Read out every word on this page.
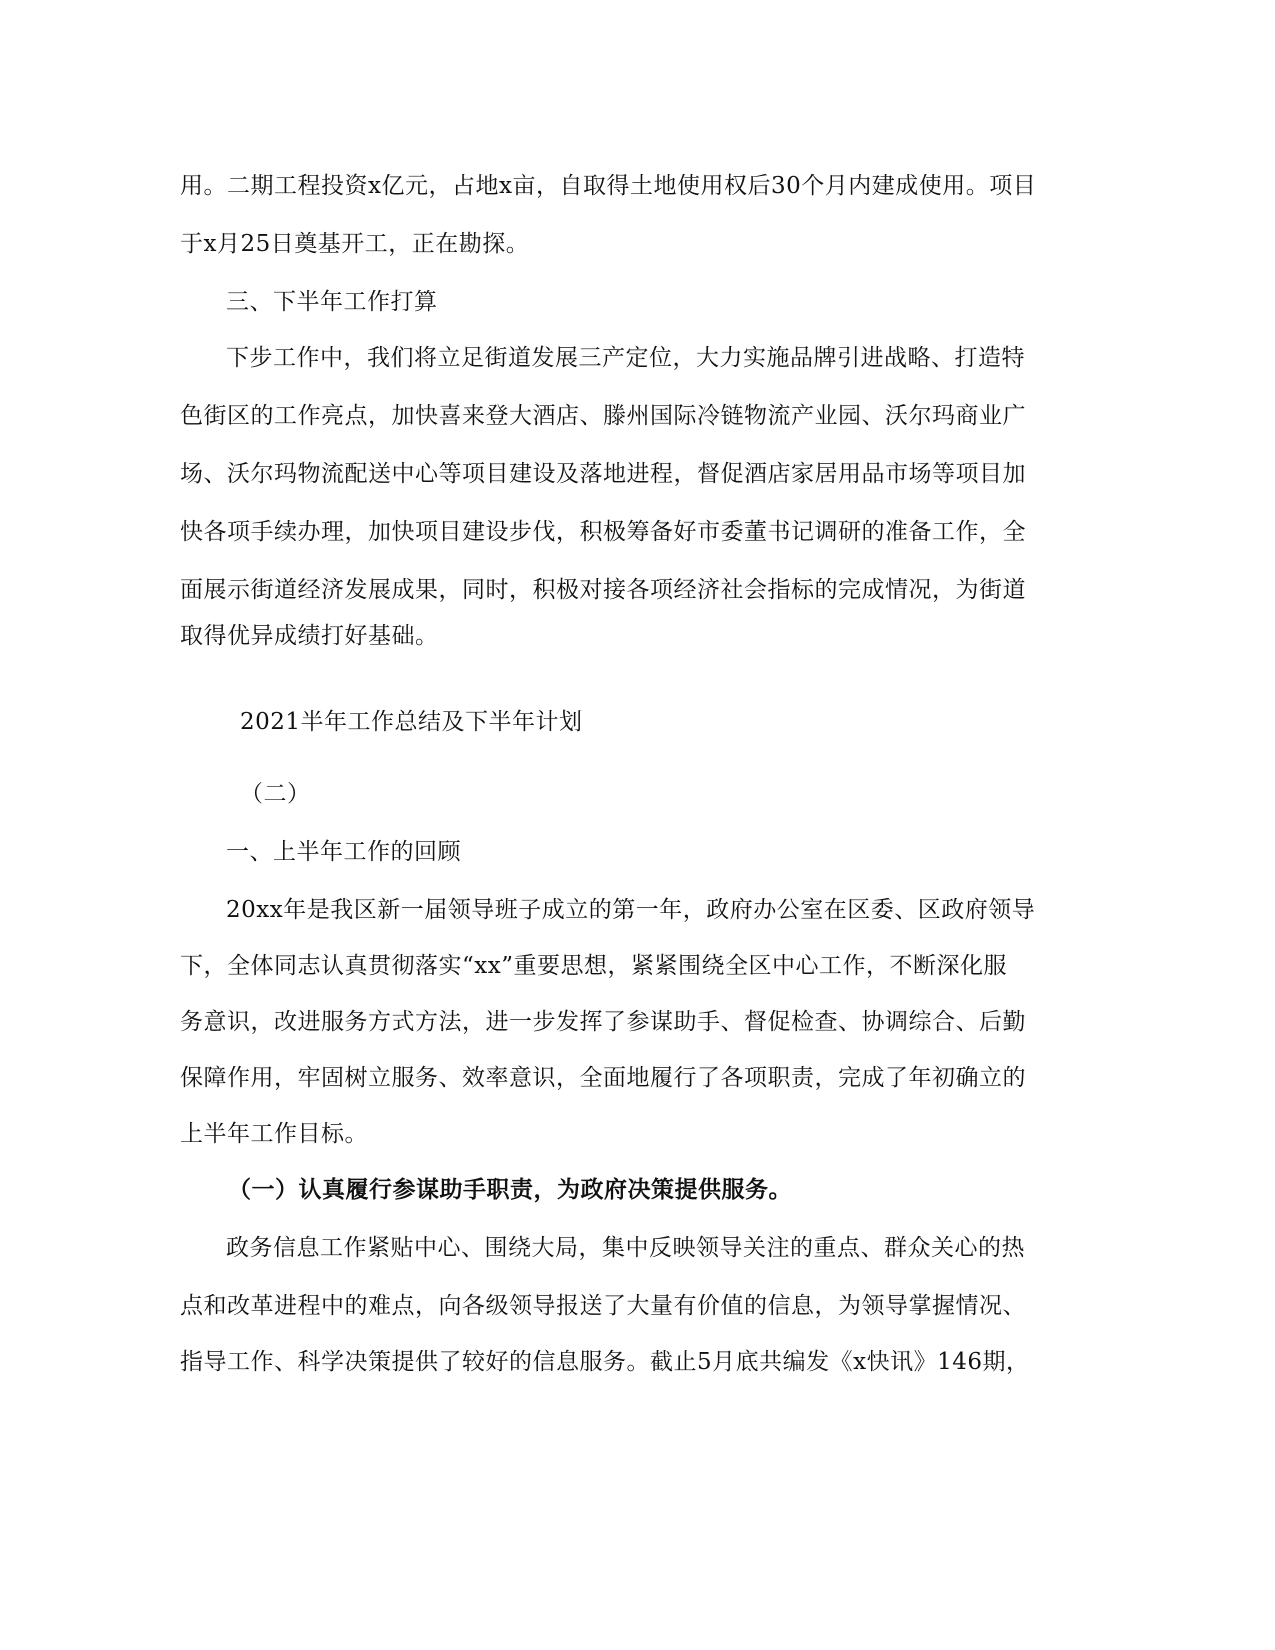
用。二期工程投资x亿元，占地x亩，自取得土地使用权后30个月内建成使用。项目
于x月25日奠基开工，正在勘探。
三、下半年工作打算
下步工作中，我们将立足街道发展三产定位，大力实施品牌引进战略、打造特
色街区的工作亮点，加快喜来登大酒店、滕州国际冷链物流产业园、沃尔玛商业广
场、沃尔玛物流配送中心等项目建设及落地进程，督促酒店家居用品市场等项目加
快各项手续办理，加快项目建设步伐，积极筹备好市委董书记调研的准备工作，全
面展示街道经济发展成果，同时，积极对接各项经济社会指标的完成情况，为街道
取得优异成绩打好基础。
2021半年工作总结及下半年计划
（二）
一、上半年工作的回顾
20xx年是我区新一届领导班子成立的第一年，政府办公室在区委、区政府领导
下，全体同志认真贯彻落实“xx”重要思想，紧紧围绕全区中心工作，不断深化服
务意识，改进服务方式方法，进一步发挥了参谋助手、督促检查、协调综合、后勤
保障作用，牢固树立服务、效率意识，全面地履行了各项职责，完成了年初确立的
上半年工作目标。
（一）认真履行参谋助手职责，为政府决策提供服务。
政务信息工作紧贴中心、围绕大局，集中反映领导关注的重点、群众关心的热
点和改革进程中的难点，向各级领导报送了大量有价值的信息，为领导掌握情况、
指导工作、科学决策提供了较好的信息服务。截止5月底共编发《x快讯》146期，
